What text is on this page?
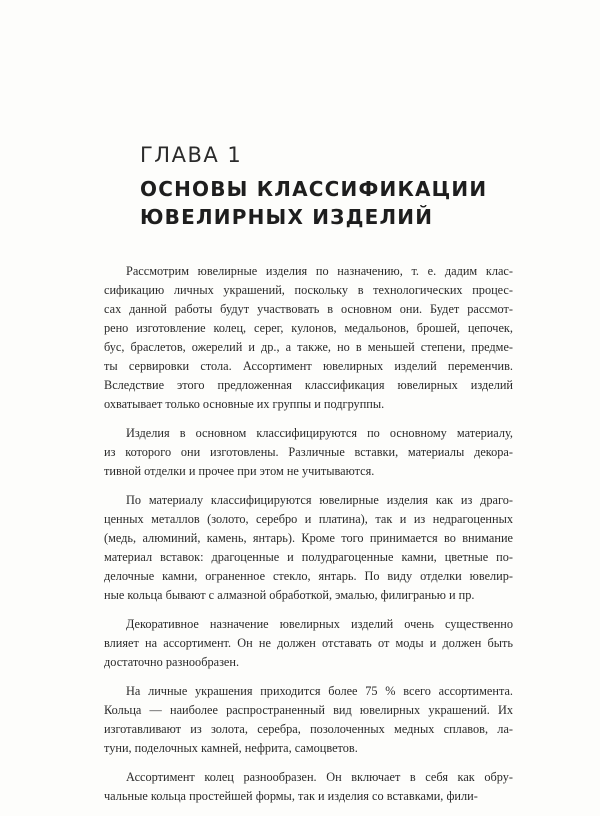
ГЛАВА 1
ОСНОВЫ КЛАССИФИКАЦИИ
ЮВЕЛИРНЫХ ИЗДЕЛИЙ

Рассмотрим ювелирные изделия по назначению, т. е. дадим клас-
сификацию личных украшений, поскольку в технологических процес-
сах данной работы будут участвовать в основном они. Будет рассмот-
рено изготовление колец, серег, кулонов, медальонов, брошей, цепочек,
бус, браслетов, ожерелий и др., а также, но в меньшей степени, предме-
ты сервировки стола. Ассортимент ювелирных изделий переменчив.
Вследствие этого предложенная классификация ювелирных изделий
охватывает только основные их группы и подгруппы.

Изделия в основном классифицируются по основному материалу,
из которого они изготовлены. Различные вставки, материалы декора-
тивной отделки и прочее при этом не учитываются.

По материалу классифицируются ювелирные изделия как из драго-
ценных металлов (золото, серебро и платина), так и из недрагоценных
(медь, алюминий, камень, янтарь). Кроме того принимается во внимание
материал вставок: драгоценные и полудрагоценные камни, цветные по-
делочные камни, ограненное стекло, янтарь. По виду отделки ювелир-
ные кольца бывают с алмазной обработкой, эмалью, филигранью и пр.

Декоративное назначение ювелирных изделий очень существенно
влияет на ассортимент. Он не должен отставать от моды и должен быть
достаточно разнообразен.

На личные украшения приходится более 75 % всего ассортимента.
Кольца — наиболее распространенный вид ювелирных украшений. Их
изготавливают из золота, серебра, позолоченных медных сплавов, ла-
туни, поделочных камней, нефрита, самоцветов.

Ассортимент колец разнообразен. Он включает в себя как обру-
чальные кольца простейшей формы, так и изделия со вставками, фили-
